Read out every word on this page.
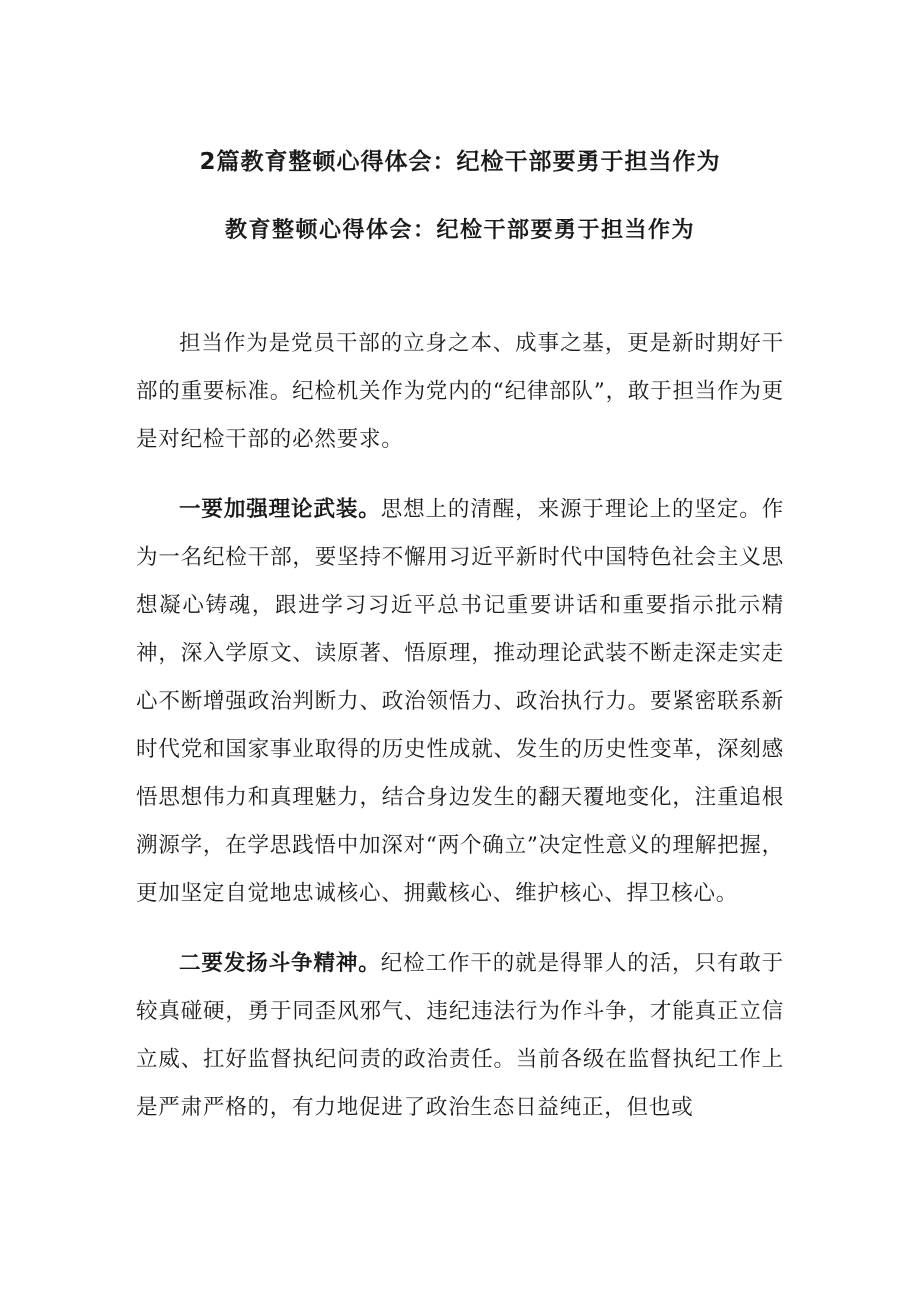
2篇教育整顿心得体会：纪检干部要勇于担当作为
教育整顿心得体会：纪检干部要勇于担当作为

担当作为是党员干部的立身之本、成事之基，更是新时期好干部的重要标准。纪检机关作为党内的“纪律部队”，敢于担当作为更是对纪检干部的必然要求。

一要加强理论武装。思想上的清醒，来源于理论上的坚定。作为一名纪检干部，要坚持不懈用习近平新时代中国特色社会主义思想凝心铸魂，跟进学习习近平总书记重要讲话和重要指示批示精神，深入学原文、读原著、悟原理，推动理论武装不断走深走实走心不断增强政治判断力、政治领悟力、政治执行力。要紧密联系新时代党和国家事业取得的历史性成就、发生的历史性变革，深刻感悟思想伟力和真理魅力，结合身边发生的翻天覆地变化，注重追根溯源学，在学思践悟中加深对“两个确立”决定性意义的理解把握，更加坚定自觉地忠诚核心、拥戴核心、维护核心、捍卫核心。

二要发扬斗争精神。纪检工作干的就是得罪人的活，只有敢于较真碰硬，勇于同歪风邪气、违纪违法行为作斗争，才能真正立信立威、扛好监督执纪问责的政治责任。当前各级在监督执纪工作上是严肃严格的，有力地促进了政治生态日益纯正，但也或
